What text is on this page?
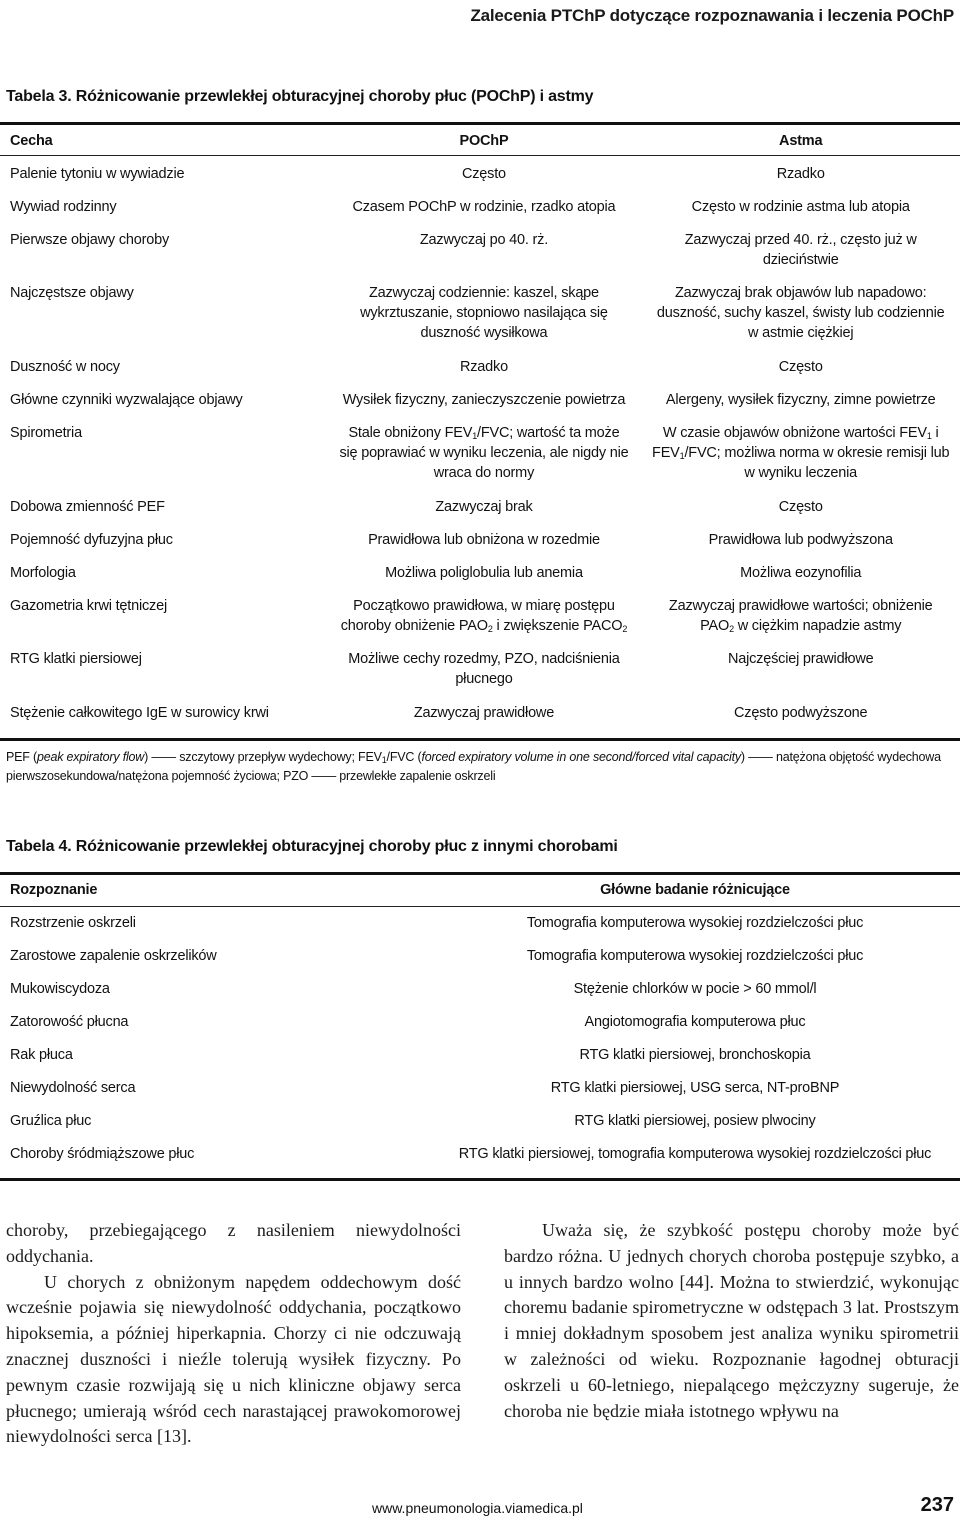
Zalecenia PTChP dotyczące rozpoznawania i leczenia POChP
Tabela 3. Różnicowanie przewlekłej obturacyjnej choroby płuc (POChP) i astmy
Cecha	POChP	Astma
Palenie tytoniu w wywiadzie	Często	Rzadko
Wywiad rodzinny	Czasem POChP w rodzinie, rzadko atopia	Często w rodzinie astma lub atopia
Pierwsze objawy choroby	Zazwyczaj po 40. rż.	Zazwyczaj przed 40. rż., często już w dzieciństwie
Najczęstsze objawy	Zazwyczaj codziennie: kaszel, skąpe wykrztuszanie, stopniowo nasilająca się duszność wysiłkowa	Zazwyczaj brak objawów lub napadowo: duszność, suchy kaszel, świsty lub codziennie w astmie ciężkiej
Duszność w nocy	Rzadko	Często
Główne czynniki wyzwalające objawy	Wysiłek fizyczny, zanieczyszczenie powietrza	Alergeny, wysiłek fizyczny, zimne powietrze
Spirometria	Stale obniżony $FEV_1$/FVC; wartość ta może się poprawiać w wyniku leczenia, ale nigdy nie wraca do normy	W czasie objawów obniżone wartości $FEV_1$ i $FEV_1$/FVC; możliwa norma w okresie remisji lub w wyniku leczenia
Dobowa zmienność PEF	Zazwyczaj brak	Często
Pojemność dyfuzyjna płuc	Prawidłowa lub obniżona w rozedmie	Prawidłowa lub podwyższona
Morfologia	Możliwa poliglobulia lub anemia	Możliwa eozynofilia
Gazometria krwi tętniczej	Początkowo prawidłowa, w miarę postępu choroby obniżenie $PAO_2$ i zwiększenie $PACO_2$	Zazwyczaj prawidłowe wartości; obniżenie $PAO_2$ w ciężkim napadzie astmy
RTG klatki piersiowej	Możliwe cechy rozedmy, PZO, nadciśnienia płucnego	Najczęściej prawidłowe
Stężenie całkowitego IgE w surowicy krwi	Zazwyczaj prawidłowe	Często podwyższone
PEF (peak expiratory flow) —— szczytowy przepływ wydechowy; $FEV_1$/FVC (forced expiratory volume in one second/forced vital capacity) —— natężona objętość wydechowa pierwszosekundowa/natężona pojemność życiowa; PZO —— przewlekłe zapalenie oskrzeli
Tabela 4. Różnicowanie przewlekłej obturacyjnej choroby płuc z innymi chorobami
Rozpoznanie	Główne badanie różnicujące
Rozstrzenie oskrzeli	Tomografia komputerowa wysokiej rozdzielczości płuc
Zarostowe zapalenie oskrzelików	Tomografia komputerowa wysokiej rozdzielczości płuc
Mukowiscydoza	Stężenie chlorków w pocie > 60 mmol/l
Zatorowość płucna	Angiotomografia komputerowa płuc
Rak płuca	RTG klatki piersiowej, bronchoskopia
Niewydolność serca	RTG klatki piersiowej, USG serca, NT-proBNP
Gruźlica płuc	RTG klatki piersiowej, posiew plwociny
Choroby śródmiąższowe płuc	RTG klatki piersiowej, tomografia komputerowa wysokiej rozdzielczości płuc

choroby, przebiegającego z nasileniem niewydolności oddychania.

U chorych z obniżonym napędem oddechowym dość wcześnie pojawia się niewydolność oddychania, początkowo hipoksemia, a później hiperkapnia. Chorzy ci nie odczuwają znacznej duszności i nieźle tolerują wysiłek fizyczny. Po pewnym czasie rozwijają się u nich kliniczne objawy serca płucnego; umierają wśród cech narastającej prawokomorowej niewydolności serca [13].

Uważa się, że szybkość postępu choroby może być bardzo różna. U jednych chorych choroba postępuje szybko, a u innych bardzo wolno [44]. Można to stwierdzić, wykonując choremu badanie spirometryczne w odstępach 3 lat. Prostszym i mniej dokładnym sposobem jest analiza wyniku spirometrii w zależności od wieku. Rozpoznanie łagodnej obturacji oskrzeli u 60-letniego, niepalącego mężczyzny sugeruje, że choroba nie będzie miała istotnego wpływu na

www.pneumonologia.viamedica.pl	237
